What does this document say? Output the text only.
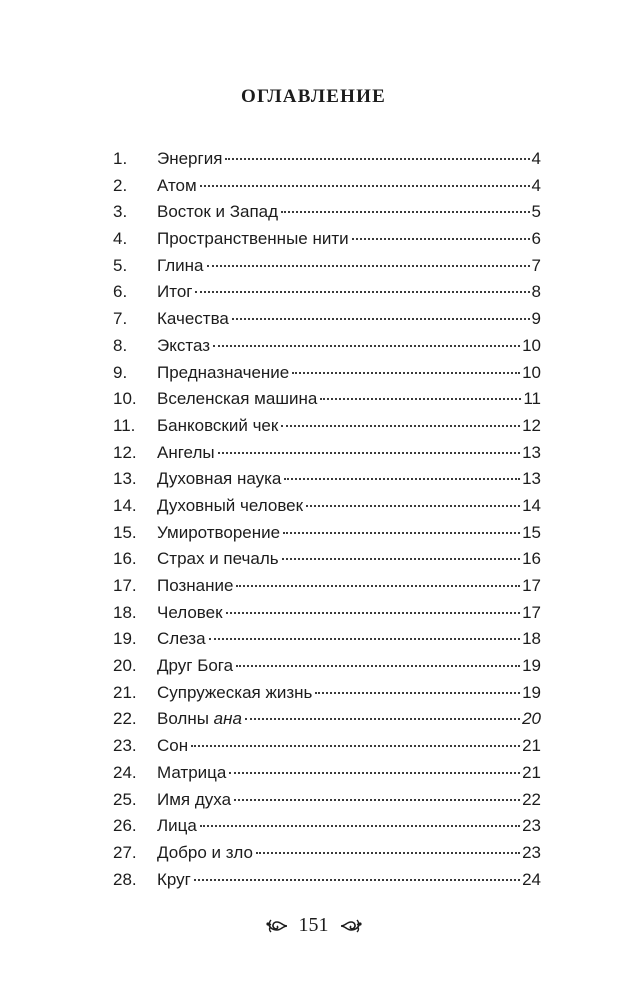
ОГЛАВЛЕНИЕ
1.	Энергия	4
2.	Атом	4
3.	Восток и Запад	5
4.	Пространственные нити	6
5.	Глина	7
6.	Итог	8
7.	Качества	9
8.	Экстаз	10
9.	Предназначение	10
10.	Вселенская машина	11
11.	Банковский чек	12
12.	Ангелы	13
13.	Духовная наука	13
14.	Духовный человек	14
15.	Умиротворение	15
16.	Страх и печаль	16
17.	Познание	17
18.	Человек	17
19.	Слеза	18
20.	Друг Бога	19
21.	Супружеская жизнь	19
22.	Волны ана	20
23.	Сон	21
24.	Матрица	21
25.	Имя духа	22
26.	Лица	23
27.	Добро и зло	23
28.	Круг	24
151
